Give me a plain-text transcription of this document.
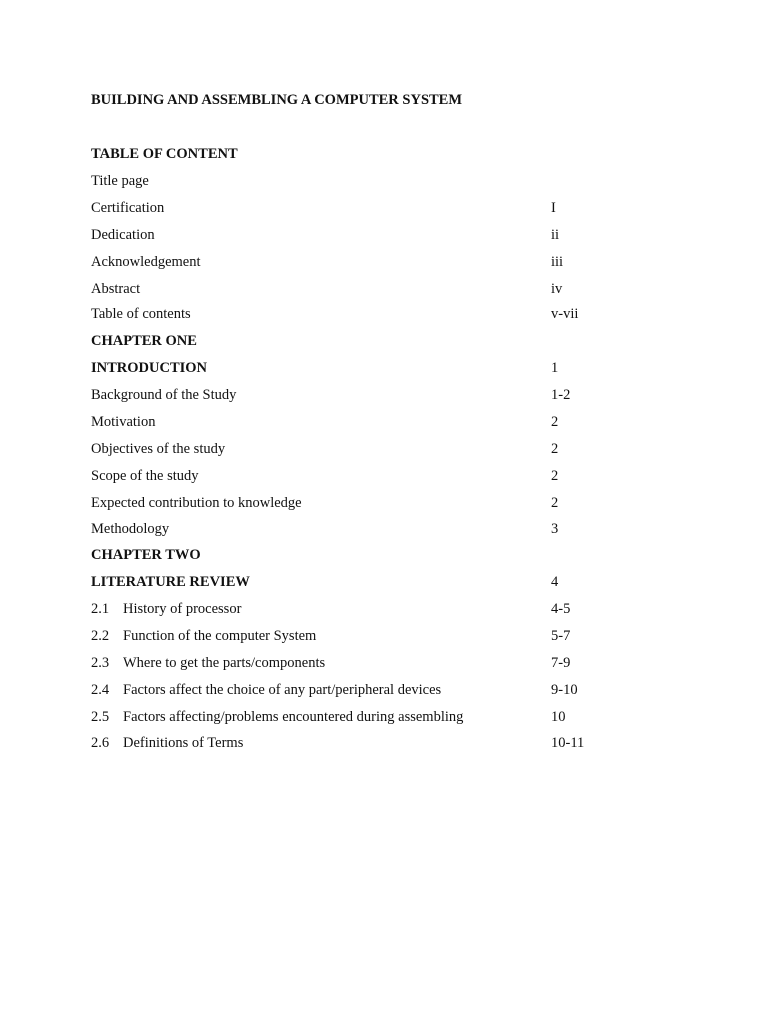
BUILDING AND ASSEMBLING A COMPUTER SYSTEM
TABLE OF CONTENT
Title page
Certification	I
Dedication	ii
Acknowledgement	iii
Abstract	iv
Table of contents	v-vii
CHAPTER ONE
INTRODUCTION	1
Background of the Study	1-2
Motivation	2
Objectives of the study	2
Scope of the study	2
Expected contribution to knowledge	2
Methodology	3
CHAPTER TWO
LITERATURE REVIEW	4
2.1 History of processor	4-5
2.2 Function of the computer System	5-7
2.3 Where to get the parts/components	7-9
2.4 Factors affect the choice of any part/peripheral devices	9-10
2.5 Factors affecting/problems encountered during assembling	10
2.6 Definitions of Terms	10-11
